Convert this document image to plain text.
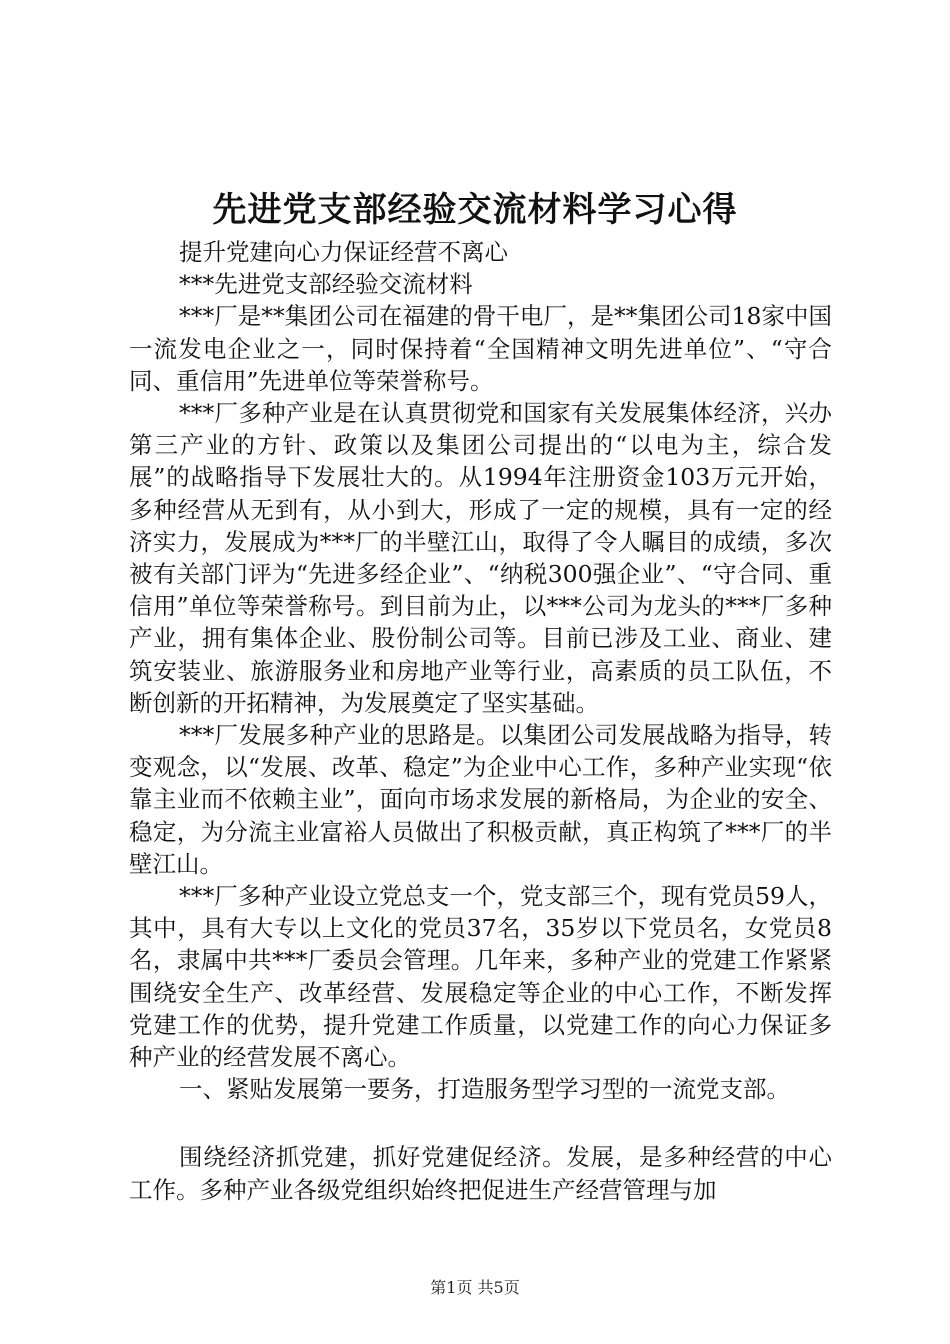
先进党支部经验交流材料学习心得

提升党建向心力保证经营不离心

***先进党支部经验交流材料

***厂是**集团公司在福建的骨干电厂，是**集团公司18家中国一流发电企业之一，同时保持着“全国精神文明先进单位”、“守合同、重信用”先进单位等荣誉称号。

***厂多种产业是在认真贯彻党和国家有关发展集体经济，兴办第三产业的方针、政策以及集团公司提出的“以电为主，综合发展”的战略指导下发展壮大的。从1994年注册资金103万元开始，多种经营从无到有，从小到大，形成了一定的规模，具有一定的经济实力，发展成为***厂的半壁江山，取得了令人瞩目的成绩，多次被有关部门评为“先进多经企业”、“纳税300强企业”、“守合同、重信用”单位等荣誉称号。到目前为止，以***公司为龙头的***厂多种产业，拥有集体企业、股份制公司等。目前已涉及工业、商业、建筑安装业、旅游服务业和房地产业等行业，高素质的员工队伍，不断创新的开拓精神，为发展奠定了坚实基础。

***厂发展多种产业的思路是。以集团公司发展战略为指导，转变观念，以“发展、改革、稳定”为企业中心工作，多种产业实现“依靠主业而不依赖主业”，面向市场求发展的新格局，为企业的安全、稳定，为分流主业富裕人员做出了积极贡献，真正构筑了***厂的半壁江山。

***厂多种产业设立党总支一个，党支部三个，现有党员59人，其中，具有大专以上文化的党员37名，35岁以下党员名，女党员8名，隶属中共***厂委员会管理。几年来，多种产业的党建工作紧紧围绕安全生产、改革经营、发展稳定等企业的中心工作，不断发挥党建工作的优势，提升党建工作质量，以党建工作的向心力保证多种产业的经营发展不离心。

一、紧贴发展第一要务，打造服务型学习型的一流党支部。

围绕经济抓党建，抓好党建促经济。发展，是多种经营的中心工作。多种产业各级党组织始终把促进生产经营管理与加

第1页 共5页
